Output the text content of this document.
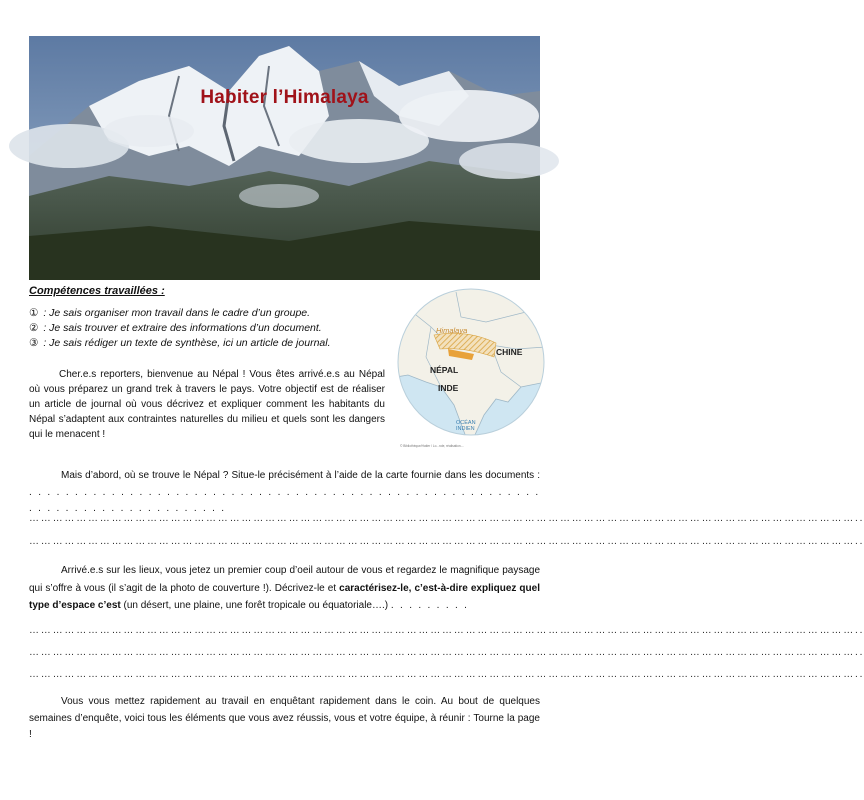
Habiter l’Himalaya
Compétences travaillées :
① : Je sais organiser mon travail dans le cadre d’un groupe.
② : Je sais trouver et extraire des informations d’un document.
③ : Je sais rédiger un texte de synthèse, ici un article de journal.
Cher.e.s reporters, bienvenue au Népal ! Vous êtes arrivé.e.s au Népal où vous préparez un grand trek à travers le pays. Votre objectif est de réaliser un article de journal où vous décrivez et expliquer comment les habitants du Népal s’adaptent aux contraintes naturelles du milieu et quels sont les dangers qui le menacent !
Himalaya
CHINE
NÉPAL
INDE
OCÉAN
INDIEN
© Bibliothèque/Hatier / Lo...nde, réalisation....
Mais d’abord, où se trouve le Népal ? Situe-le précisément à l’aide de la carte fournie dans les documents : . . . . . . . . . . . . . . . . . . . . . . . . . . . . . . . . . . . . . . . . . . . . . . . . . . . . . . . . . . . . . . . . . . . . . . . . . . . . . .
…………………………………………………………………………………………………………………………………………………………………………………………..
…………………………………………………………………………………………………………………………………………………………………………………………..
Arrivé.e.s sur les lieux, vous jetez un premier coup d’oeil autour de vous et regardez le magnifique paysage qui s’offre à vous (il s’agit de la photo de couverture !). Décrivez-le et caractérisez-le, c’est-à-dire expliquez quel type d’espace c’est (un désert, une plaine, une forêt tropicale ou équatoriale….) . . . . . . . . .
…………………………………………………………………………………………………………………………………………………………………………………………..
…………………………………………………………………………………………………………………………………………………………………………………………..
…………………………………………………………………………………………………………………………………………………………………………………………..
Vous vous mettez rapidement au travail en enquêtant rapidement dans le coin. Au bout de quelques semaines d’enquête, voici tous les éléments que vous avez réussis, vous et votre équipe, à réunir : Tourne la page !
